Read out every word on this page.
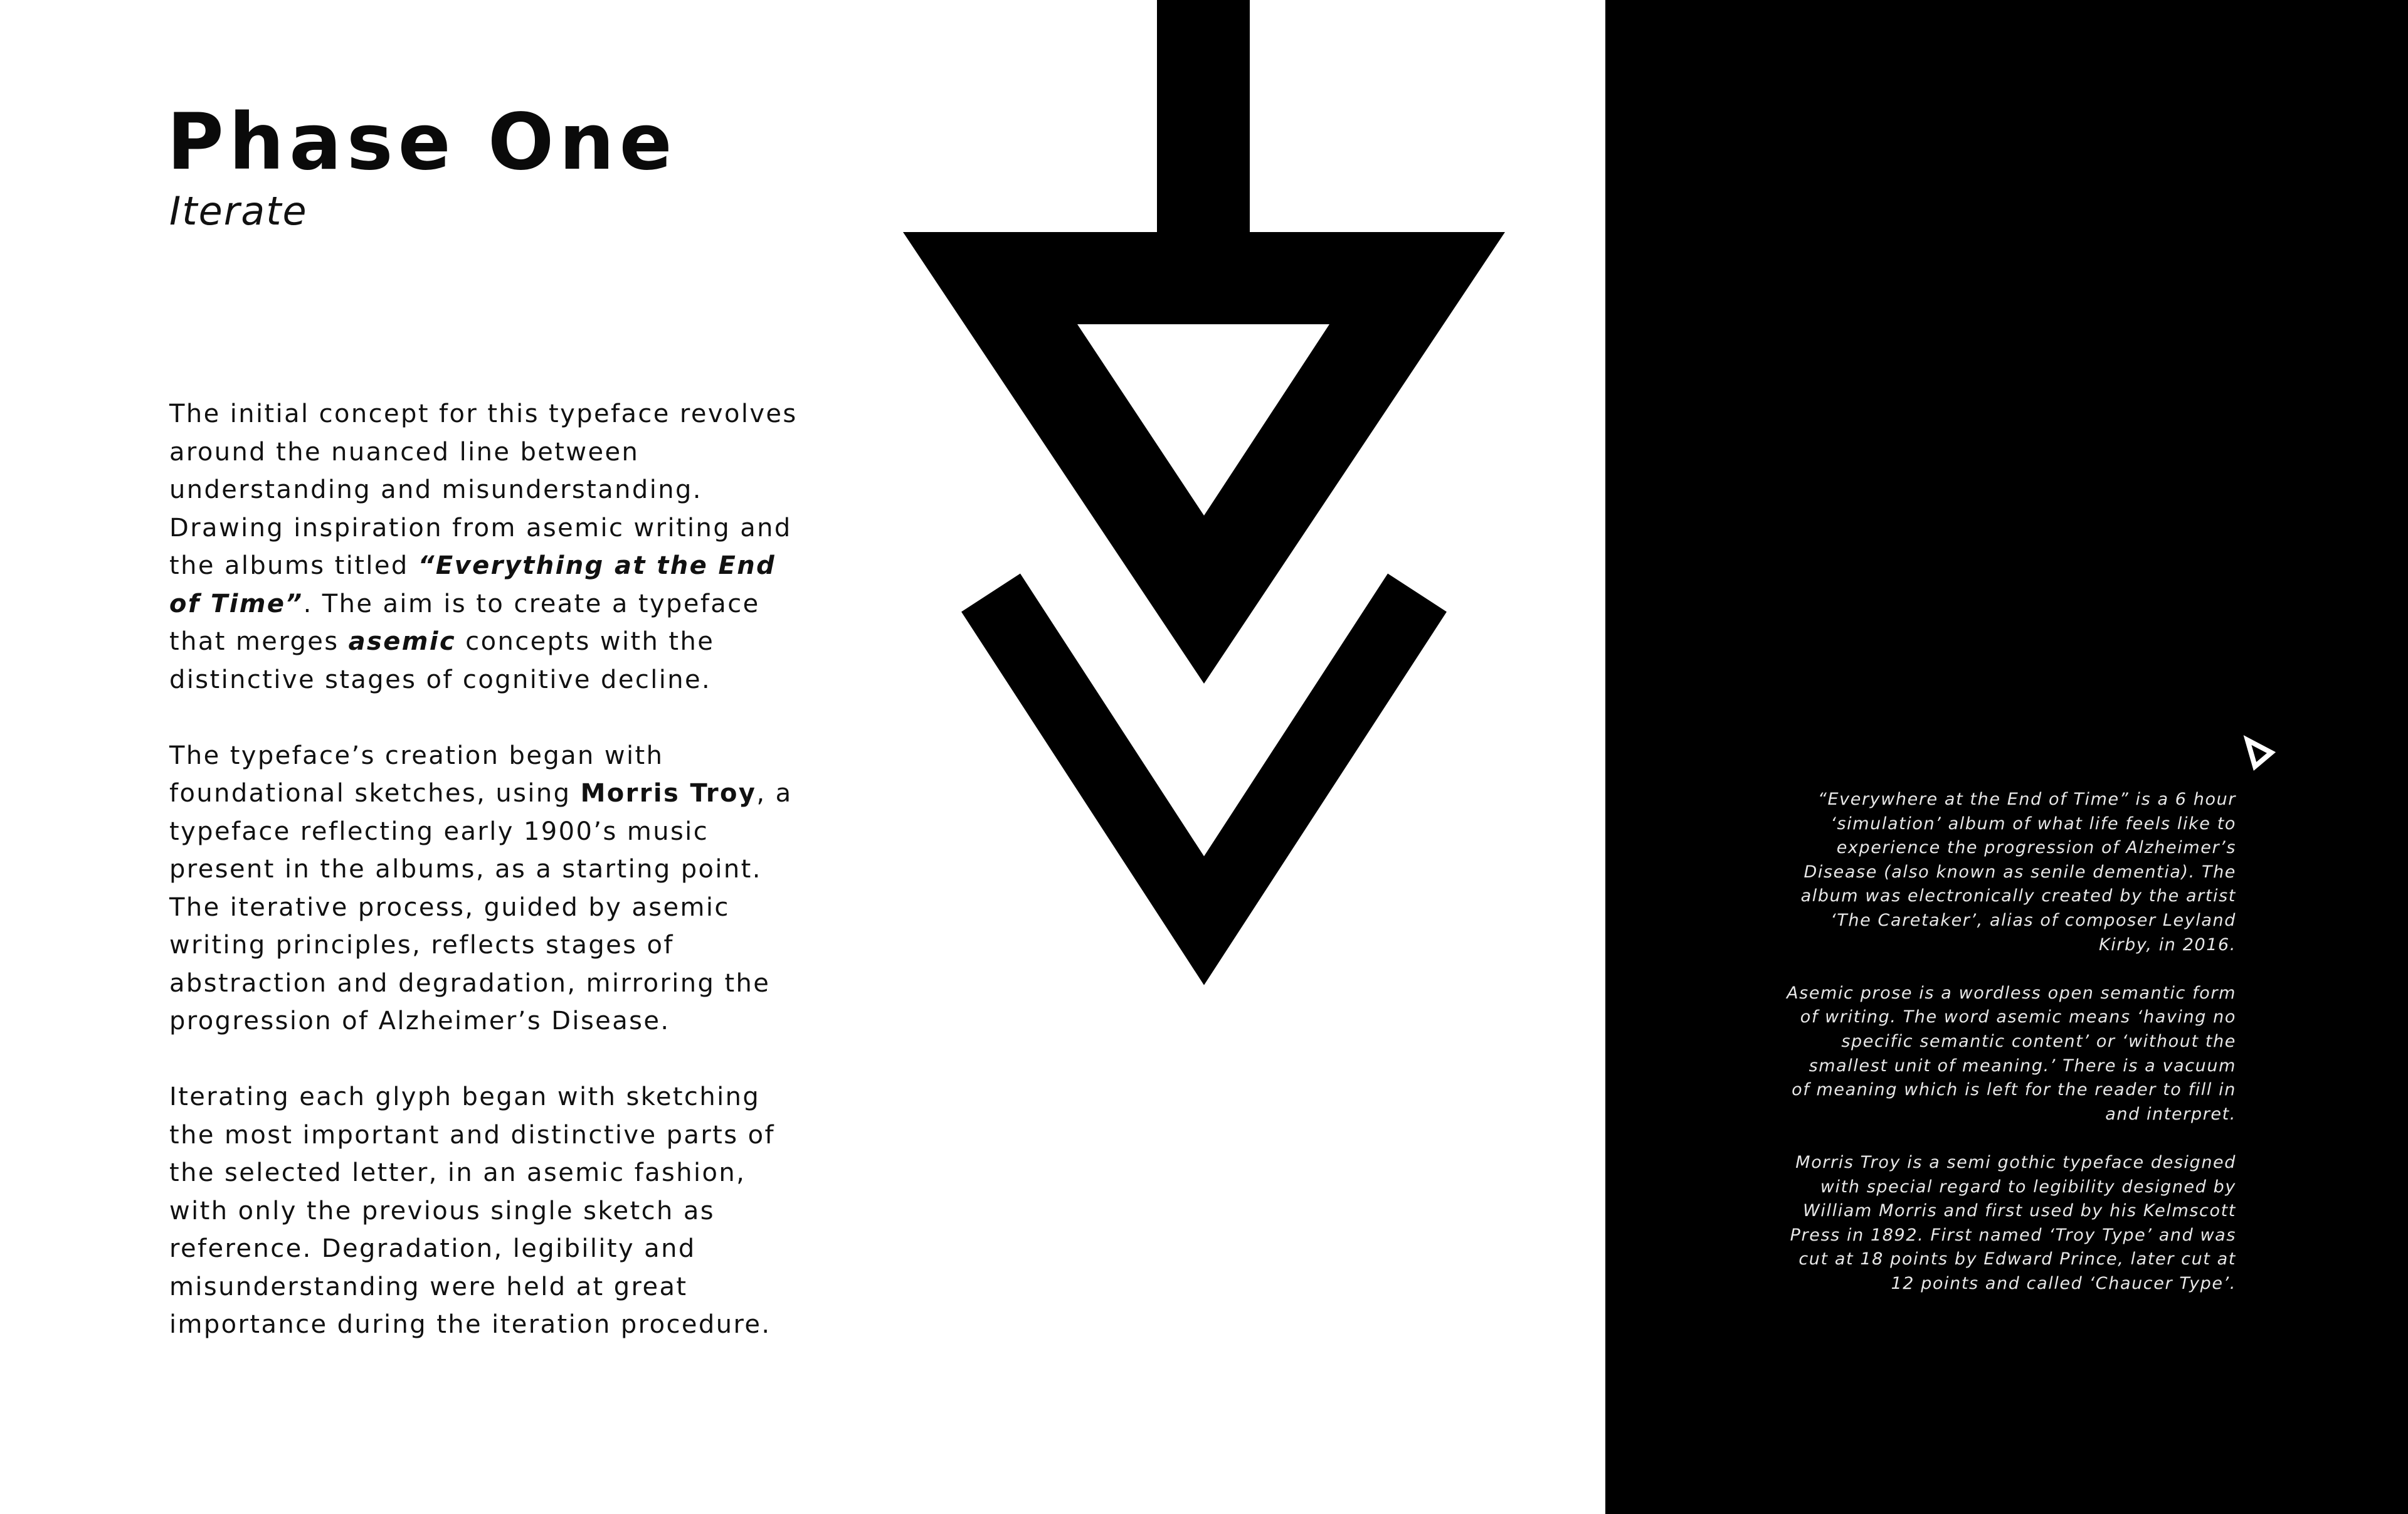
Phase One
Iterate

The initial concept for this typeface revolves around the nuanced line between understanding and misunderstanding. Drawing inspiration from asemic writing and the albums titled “Everything at the End of Time”. The aim is to create a typeface that merges asemic concepts with the distinctive stages of cognitive decline.

The typeface’s creation began with foundational sketches, using Morris Troy, a typeface reflecting early 1900’s music present in the albums, as a starting point. The iterative process, guided by asemic writing principles, reflects stages of abstraction and degradation, mirroring the progression of Alzheimer’s Disease.

Iterating each glyph began with sketching the most important and distinctive parts of the selected letter, in an asemic fashion, with only the previous single sketch as reference. Degradation, legibility and misunderstanding were held at great importance during the iteration procedure.

“Everywhere at the End of Time” is a 6 hour ‘simulation’ album of what life feels like to experience the progression of Alzheimer’s Disease (also known as senile dementia). The album was electronically created by the artist ‘The Caretaker’, alias of composer Leyland Kirby, in 2016.

Asemic prose is a wordless open semantic form of writing. The word asemic means ‘having no specific semantic content’ or ‘without the smallest unit of meaning.’ There is a vacuum of meaning which is left for the reader to fill in and interpret.

Morris Troy is a semi gothic typeface designed with special regard to legibility designed by William Morris and first used by his Kelmscott Press in 1892. First named ‘Troy Type’ and was cut at 18 points by Edward Prince, later cut at 12 points and called ‘Chaucer Type’.
